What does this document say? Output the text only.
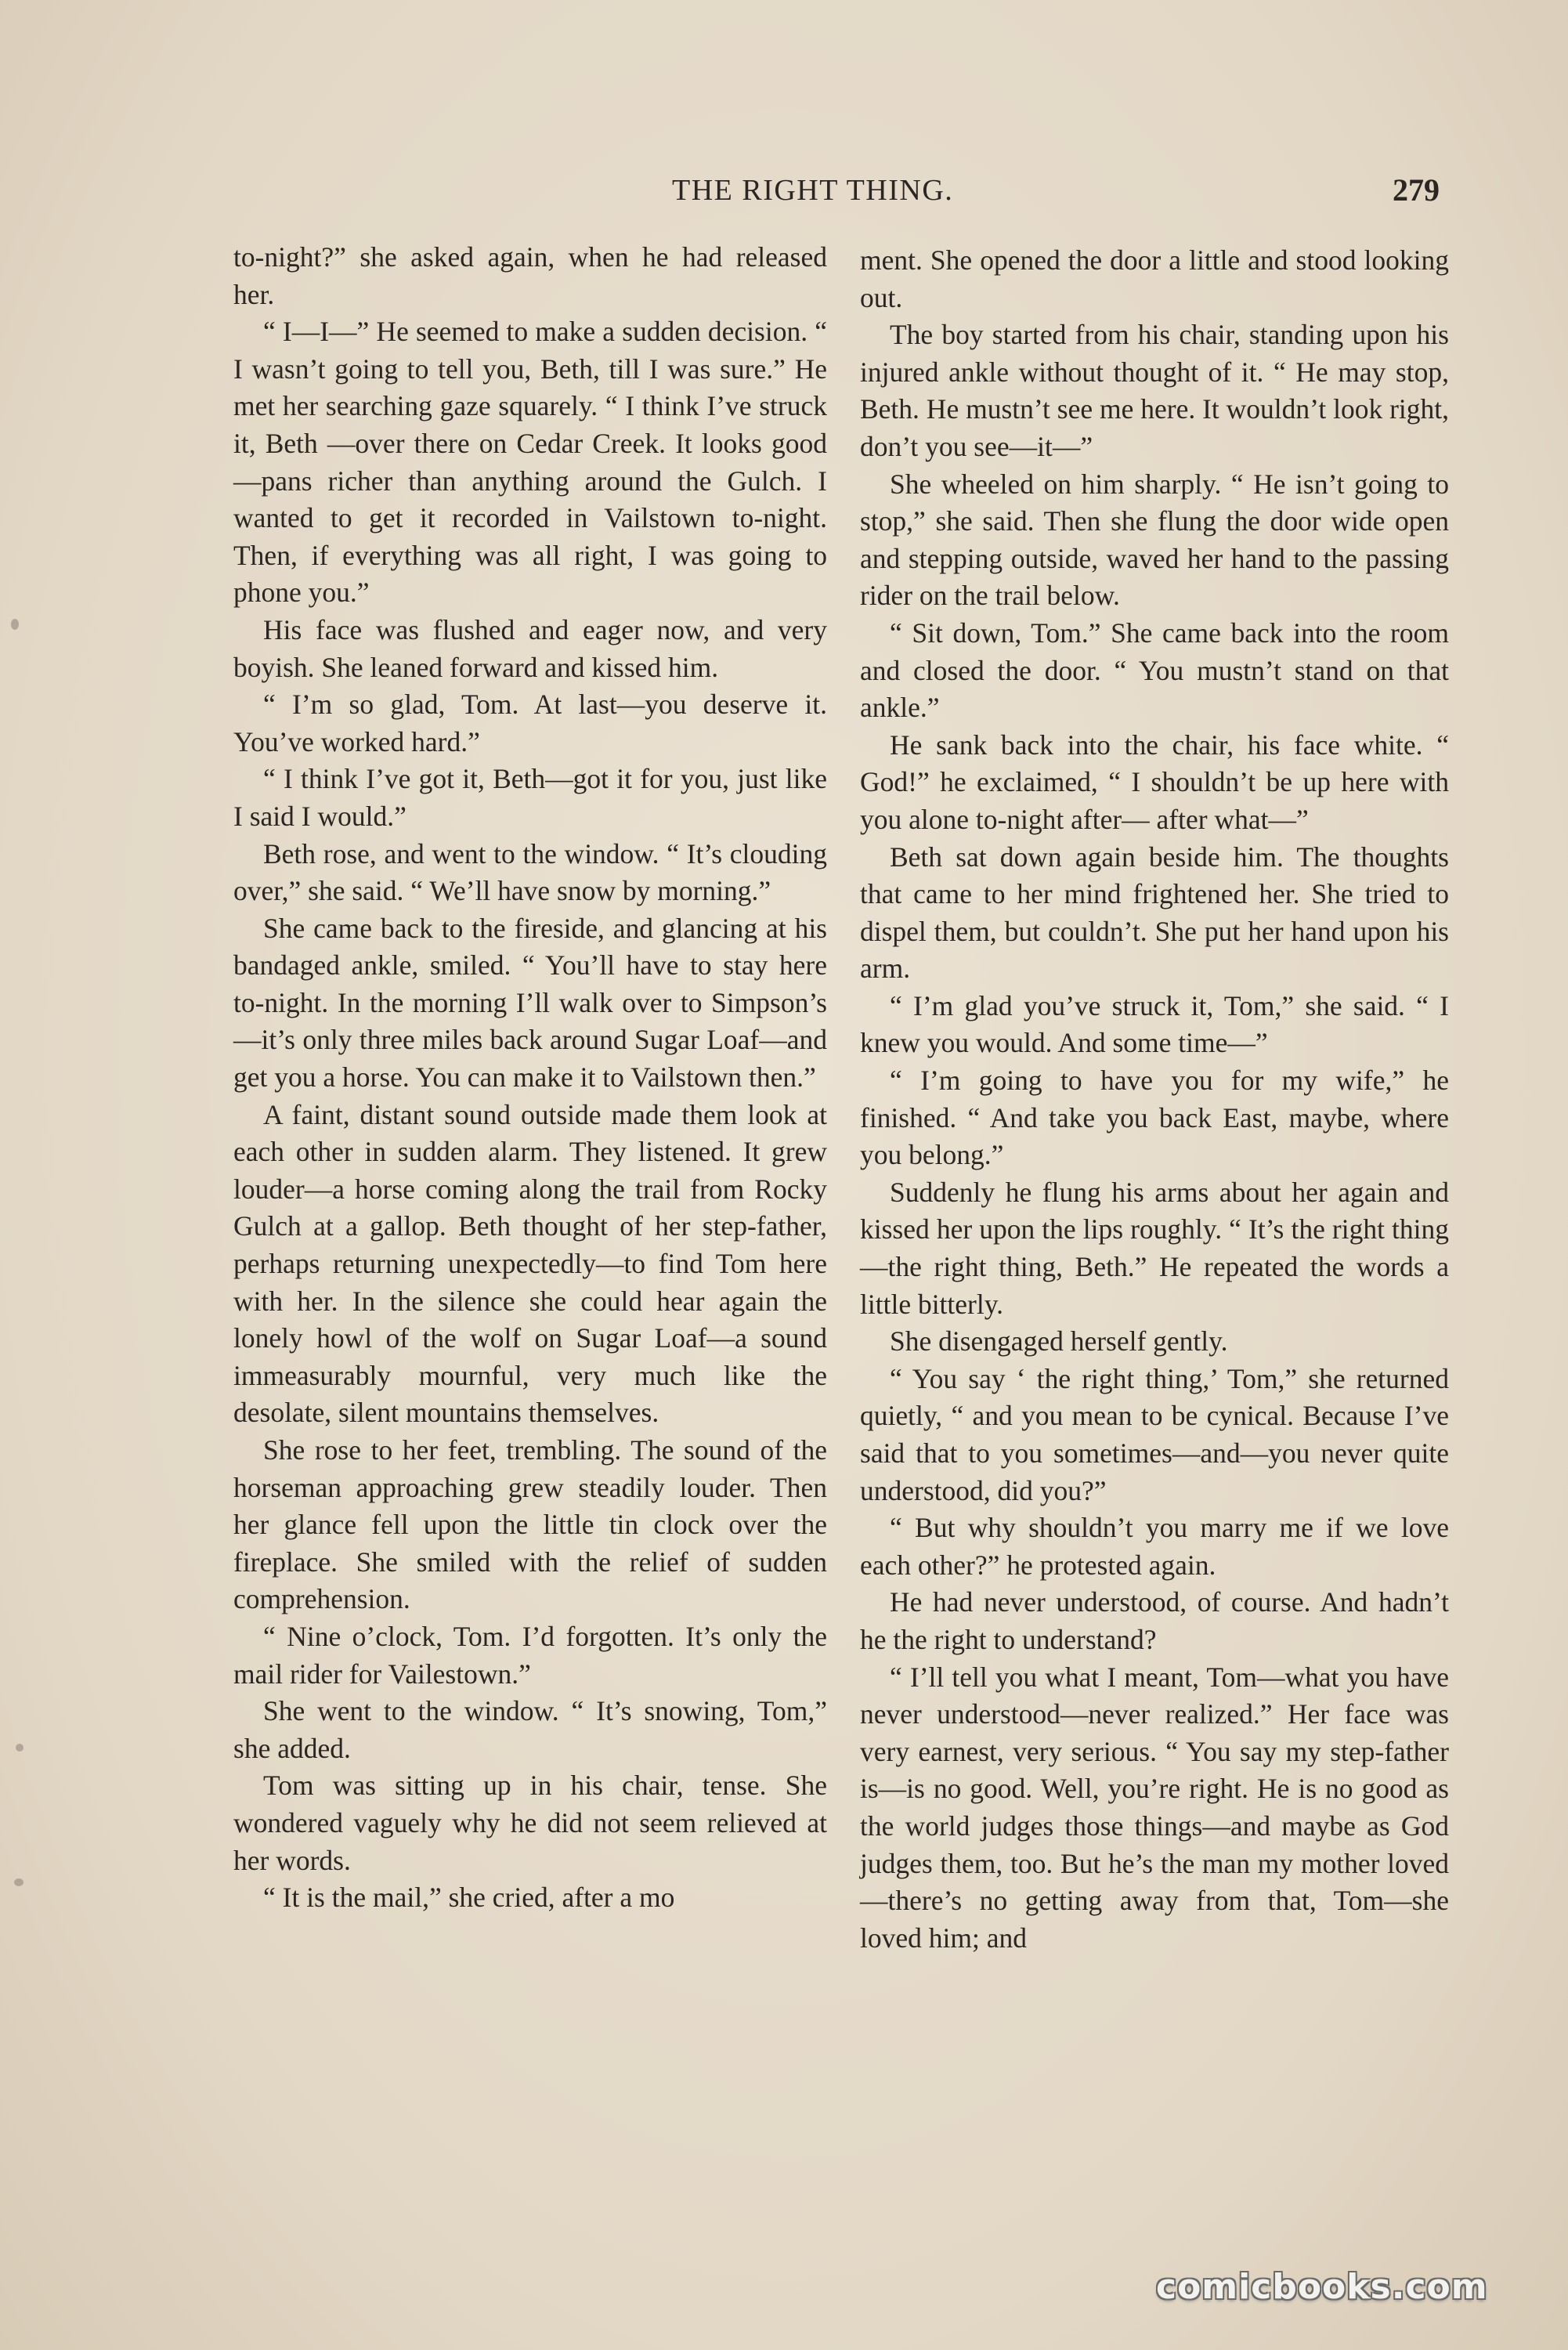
THE RIGHT THING.	279

to-night?” she asked again, when he had released her.

“ I—I—” He seemed to make a sudden decision. “ I wasn’t going to tell you, Beth, till I was sure.” He met her searching gaze squarely. “ I think I’ve struck it, Beth —over there on Cedar Creek. It looks good—pans richer than anything around the Gulch. I wanted to get it recorded in Vailstown to-night. Then, if everything was all right, I was going to phone you.”

His face was flushed and eager now, and very boyish. She leaned forward and kissed him.

“ I’m so glad, Tom. At last—you deserve it. You’ve worked hard.”

“ I think I’ve got it, Beth—got it for you, just like I said I would.”

Beth rose, and went to the window. “ It’s clouding over,” she said. “ We’ll have snow by morning.”

She came back to the fireside, and glancing at his bandaged ankle, smiled. “ You’ll have to stay here to-night. In the morning I’ll walk over to Simpson’s—it’s only three miles back around Sugar Loaf—and get you a horse. You can make it to Vailstown then.”

A faint, distant sound outside made them look at each other in sudden alarm. They listened. It grew louder—a horse coming along the trail from Rocky Gulch at a gallop. Beth thought of her step-father, perhaps returning unexpectedly—to find Tom here with her. In the silence she could hear again the lonely howl of the wolf on Sugar Loaf—a sound immeasurably mournful, very much like the desolate, silent mountains themselves.

She rose to her feet, trembling. The sound of the horseman approaching grew steadily louder. Then her glance fell upon the little tin clock over the fireplace. She smiled with the relief of sudden comprehension.

“ Nine o’clock, Tom. I’d forgotten. It’s only the mail rider for Vailestown.”

She went to the window. “ It’s snowing, Tom,” she added.

Tom was sitting up in his chair, tense. She wondered vaguely why he did not seem relieved at her words.

“ It is the mail,” she cried, after a mo

ment. She opened the door a little and stood looking out.

The boy started from his chair, standing upon his injured ankle without thought of it. “ He may stop, Beth. He mustn’t see me here. It wouldn’t look right, don’t you see—it—”

She wheeled on him sharply. “ He isn’t going to stop,” she said. Then she flung the door wide open and stepping outside, waved her hand to the passing rider on the trail below.

“ Sit down, Tom.” She came back into the room and closed the door. “ You mustn’t stand on that ankle.”

He sank back into the chair, his face white. “ God!” he exclaimed, “ I shouldn’t be up here with you alone to-night after— after what—”

Beth sat down again beside him. The thoughts that came to her mind frightened her. She tried to dispel them, but couldn’t. She put her hand upon his arm.

“ I’m glad you’ve struck it, Tom,” she said. “ I knew you would. And some time—”

“ I’m going to have you for my wife,” he finished. “ And take you back East, maybe, where you belong.”

Suddenly he flung his arms about her again and kissed her upon the lips roughly. “ It’s the right thing—the right thing, Beth.” He repeated the words a little bitterly.

She disengaged herself gently.

“ You say ‘ the right thing,’ Tom,” she returned quietly, “ and you mean to be cynical. Because I’ve said that to you sometimes—and—you never quite understood, did you?”

“ But why shouldn’t you marry me if we love each other?” he protested again.

He had never understood, of course. And hadn’t he the right to understand?

“ I’ll tell you what I meant, Tom—what you have never understood—never realized.” Her face was very earnest, very serious. “ You say my step-father is—is no good. Well, you’re right. He is no good as the world judges those things—and maybe as God judges them, too. But he’s the man my mother loved—there’s no getting away from that, Tom—she loved him; and

comicbooks.com
